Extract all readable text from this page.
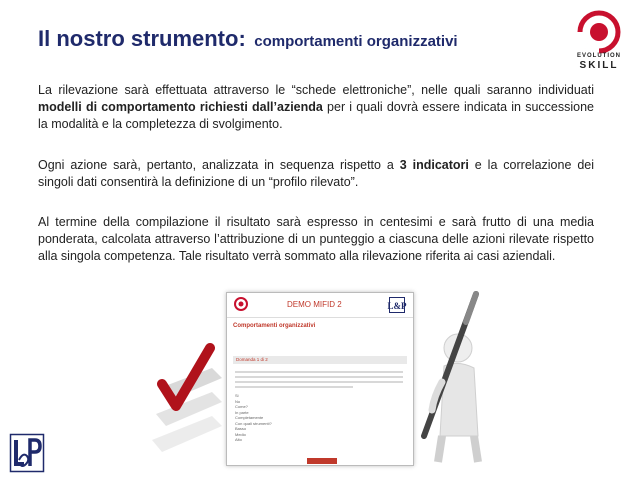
Il nostro strumento: comportamenti organizzativi
EVOLUTION
SKILL
La rilevazione sarà effettuata attraverso le “schede elettroniche”, nelle quali saranno individuati modelli di comportamento richiesti dall’azienda per i quali dovrà essere indicata in successione la modalità e la completezza di svolgimento.
Ogni azione sarà, pertanto, analizzata in sequenza rispetto a 3 indicatori e la correlazione dei singoli dati consentirà la definizione di un “profilo rilevato”.
Al termine della compilazione il risultato sarà espresso in centesimi e sarà frutto di una media ponderata, calcolata attraverso l’attribuzione di un punteggio a ciascuna delle azioni rilevate rispetto alla singola competenza. Tale risultato verrà sommato alla rilevazione riferita ai casi aziendali.
DEMO MIFID 2	L&P
Comportamenti organizzativi
Domanda 1 di 2
Si
No
Come?
In parte
Completamente
Con quali strumenti?
Basso
Medio
Alto
